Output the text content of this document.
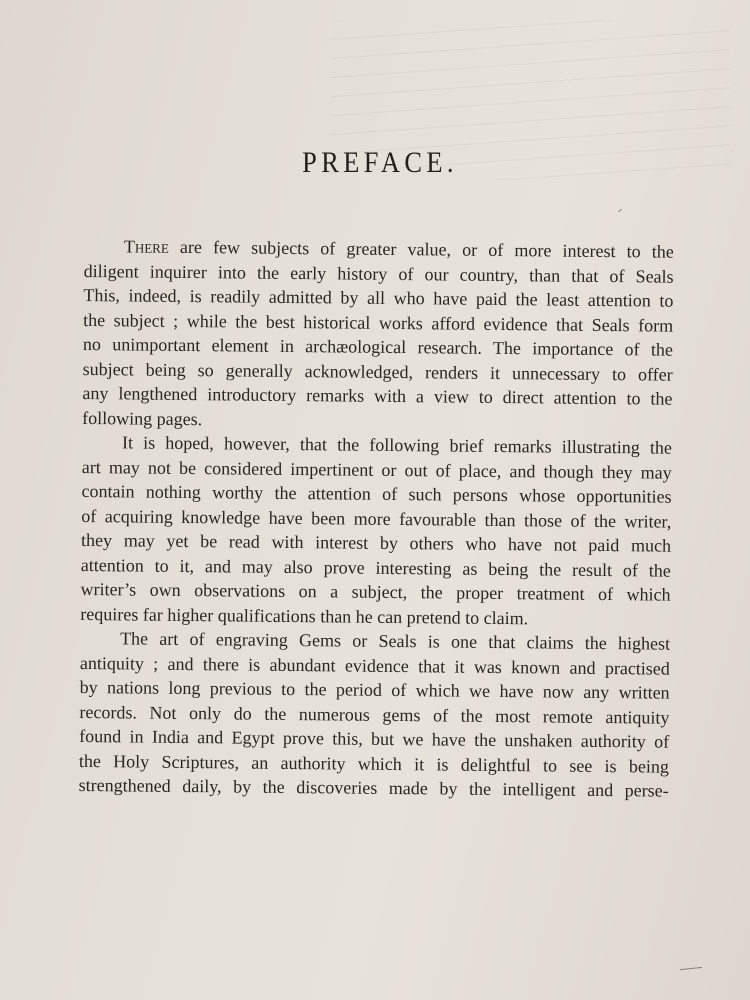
PREFACE.
There are few subjects of greater value, or of more interest to the
diligent inquirer into the early history of our country, than that of Seals
This, indeed, is readily admitted by all who have paid the least attention to
the subject ; while the best historical works afford evidence that Seals form
no unimportant element in archæological research. The importance of the
subject being so generally acknowledged, renders it unnecessary to offer
any lengthened introductory remarks with a view to direct attention to the
following pages.
It is hoped, however, that the following brief remarks illustrating the
art may not be considered impertinent or out of place, and though they may
contain nothing worthy the attention of such persons whose opportunities
of acquiring knowledge have been more favourable than those of the writer,
they may yet be read with interest by others who have not paid much
attention to it, and may also prove interesting as being the result of the
writer’s own observations on a subject, the proper treatment of which
requires far higher qualifications than he can pretend to claim.
The art of engraving Gems or Seals is one that claims the highest
antiquity ; and there is abundant evidence that it was known and practised
by nations long previous to the period of which we have now any written
records. Not only do the numerous gems of the most remote antiquity
found in India and Egypt prove this, but we have the unshaken authority of
the Holy Scriptures, an authority which it is delightful to see is being
strengthened daily, by the discoveries made by the intelligent and perse-
